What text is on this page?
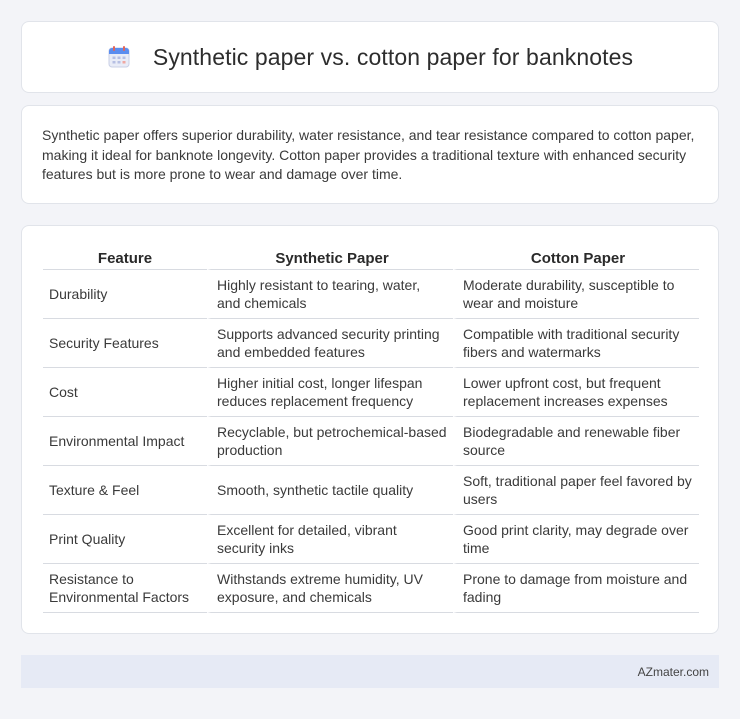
Synthetic paper vs. cotton paper for banknotes

Synthetic paper offers superior durability, water resistance, and tear resistance compared to cotton paper, making it ideal for banknote longevity. Cotton paper provides a traditional texture with enhanced security features but is more prone to wear and damage over time.

Feature	Synthetic Paper	Cotton Paper
Durability	Highly resistant to tearing, water, and chemicals	Moderate durability, susceptible to wear and moisture
Security Features	Supports advanced security printing and embedded features	Compatible with traditional security fibers and watermarks
Cost	Higher initial cost, longer lifespan reduces replacement frequency	Lower upfront cost, but frequent replacement increases expenses
Environmental Impact	Recyclable, but petrochemical-based production	Biodegradable and renewable fiber source
Texture & Feel	Smooth, synthetic tactile quality	Soft, traditional paper feel favored by users
Print Quality	Excellent for detailed, vibrant security inks	Good print clarity, may degrade over time
Resistance to Environmental Factors	Withstands extreme humidity, UV exposure, and chemicals	Prone to damage from moisture and fading
AZmater.com
